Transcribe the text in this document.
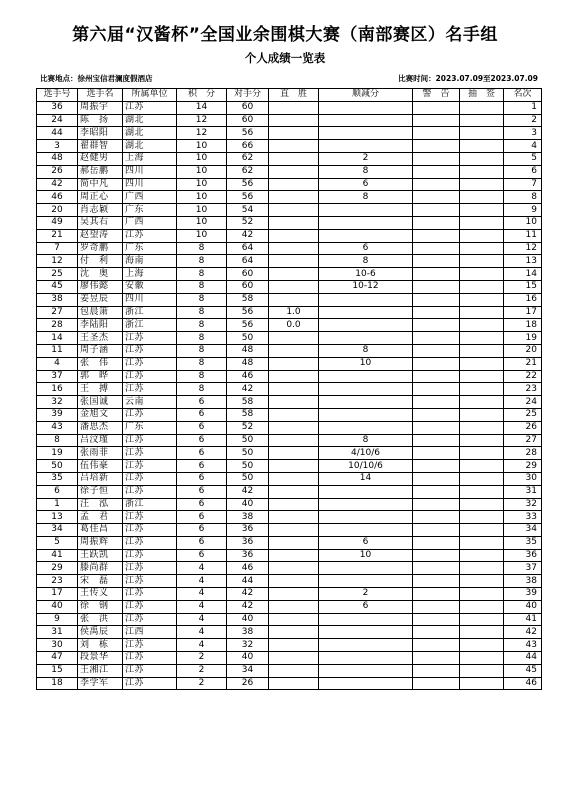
第六届“汉酱杯”全国业余围棋大赛（南部赛区）名手组
个人成绩一览表
比赛地点：徐州宝信君澜度假酒店	比赛时间：2023.07.09至2023.07.09
选手号	选手名	所属单位	积　分	对手分	直　胜	顺减分	警　告	抽　签	名次
36	周振宇	江苏	14	60					1
24	陈　扬	湖北	12	60					2
44	李昭阳	湖北	12	56					3
3	翟群智	湖北	10	66					4
48	赵健男	上海	10	62		2			5
26	郝岳鹏	四川	10	62		8			6
42	简中凡	四川	10	56		6			7
46	周正心	广西	10	56		8			8
20	肖志颖	广东	10	54					9
49	吴其右	广西	10	52					10
21	赵望涛	江苏	10	42					11
7	罗奇鹏	广东	8	64		6			12
12	付　利	海南	8	64		8			13
25	沈　奥	上海	8	60		10-6			14
45	廖伟懿	安徽	8	60		10-12			15
38	姜昱辰	四川	8	58					16
27	包晨箫	浙江	8	56	1.0				17
28	李陆阳	浙江	8	56	0.0				18
14	王圣杰	江苏	8	50					19
11	周子涵	江苏	8	48		8			20
4	张　伟	江苏	8	48		10			21
37	郭　晔	江苏	8	46					22
16	王　搏	江苏	8	42					23
32	张国诚	云南	6	58					24
39	金旭文	江苏	6	58					25
43	潘思杰	广东	6	52					26
8	吕汶瑾	江苏	6	50		8			27
19	张雨菲	江苏	6	50		4/10/6			28
50	伍伟豪	江苏	6	50		10/10/6			29
35	吕培新	江苏	6	50		14			30
6	徐子恒	江苏	6	42					31
1	汪　泓	浙江	6	40					32
13	孟　君	江苏	6	38					33
34	葛佳昌	江苏	6	36					34
5	周振辉	江苏	6	36		6			35
41	王跃凯	江苏	6	36		10			36
29	滕尚群	江苏	4	46					37
23	宋　磊	江苏	4	44					38
17	王传义	江苏	4	42		2			39
40	徐　钢	江苏	4	42		6			40
9	张　洪	江苏	4	40					41
31	侯禹辰	江西	4	38					42
30	刘　栋	江苏	4	32					43
47	段景华	江苏	2	40					44
15	王湘江	江苏	2	34					45
18	李学军	江苏	2	26					46
